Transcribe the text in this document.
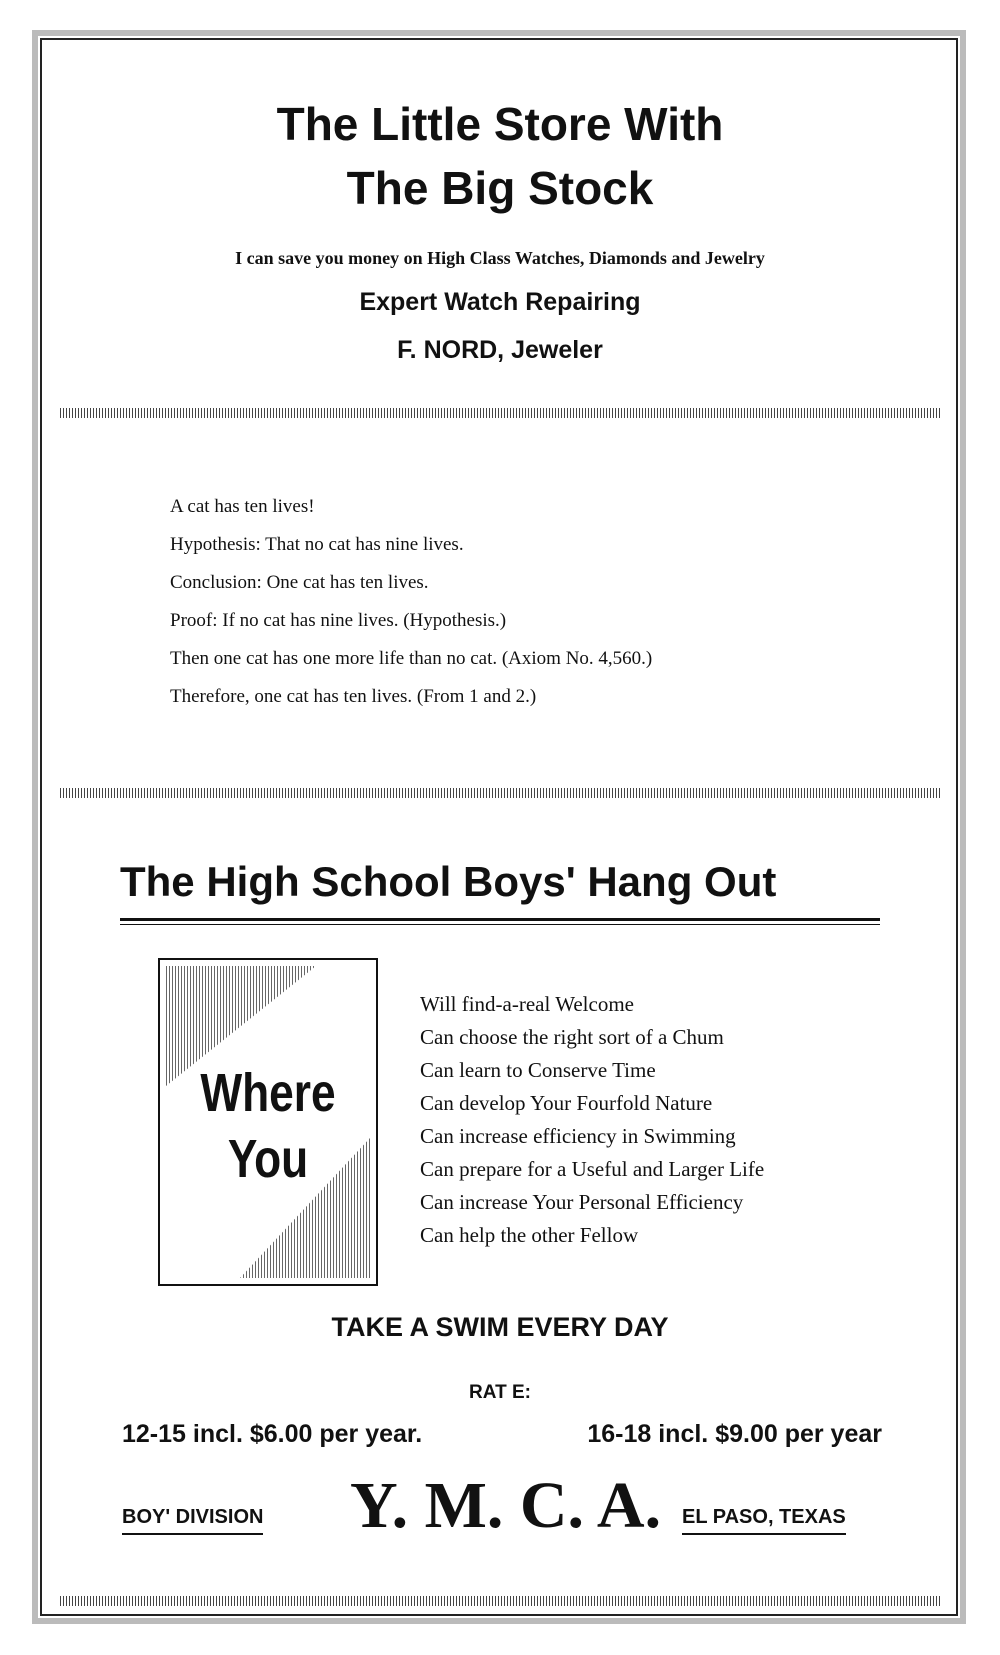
The Little Store With
The Big Stock
I can save you money on High Class Watches, Diamonds and Jewelry
Expert Watch Repairing
F. NORD, Jeweler
A cat has ten lives!
Hypothesis: That no cat has nine lives.
Conclusion: One cat has ten lives.
Proof: If no cat has nine lives. (Hypothesis.)
Then one cat has one more life than no cat. (Axiom No. 4,560.)
Therefore, one cat has ten lives. (From 1 and 2.)
The High School Boys' Hang Out
Where
You
Will find-a-real Welcome
Can choose the right sort of a Chum
Can learn to Conserve Time
Can develop Your Fourfold Nature
Can increase efficiency in Swimming
Can prepare for a Useful and Larger Life
Can increase Your Personal Efficiency
Can help the other Fellow
TAKE A SWIM EVERY DAY
RAT E:
12-15 incl. $6.00 per year.	16-18 incl. $9.00 per year
BOY' DIVISION Y. M. C. A. EL PASO, TEXAS
